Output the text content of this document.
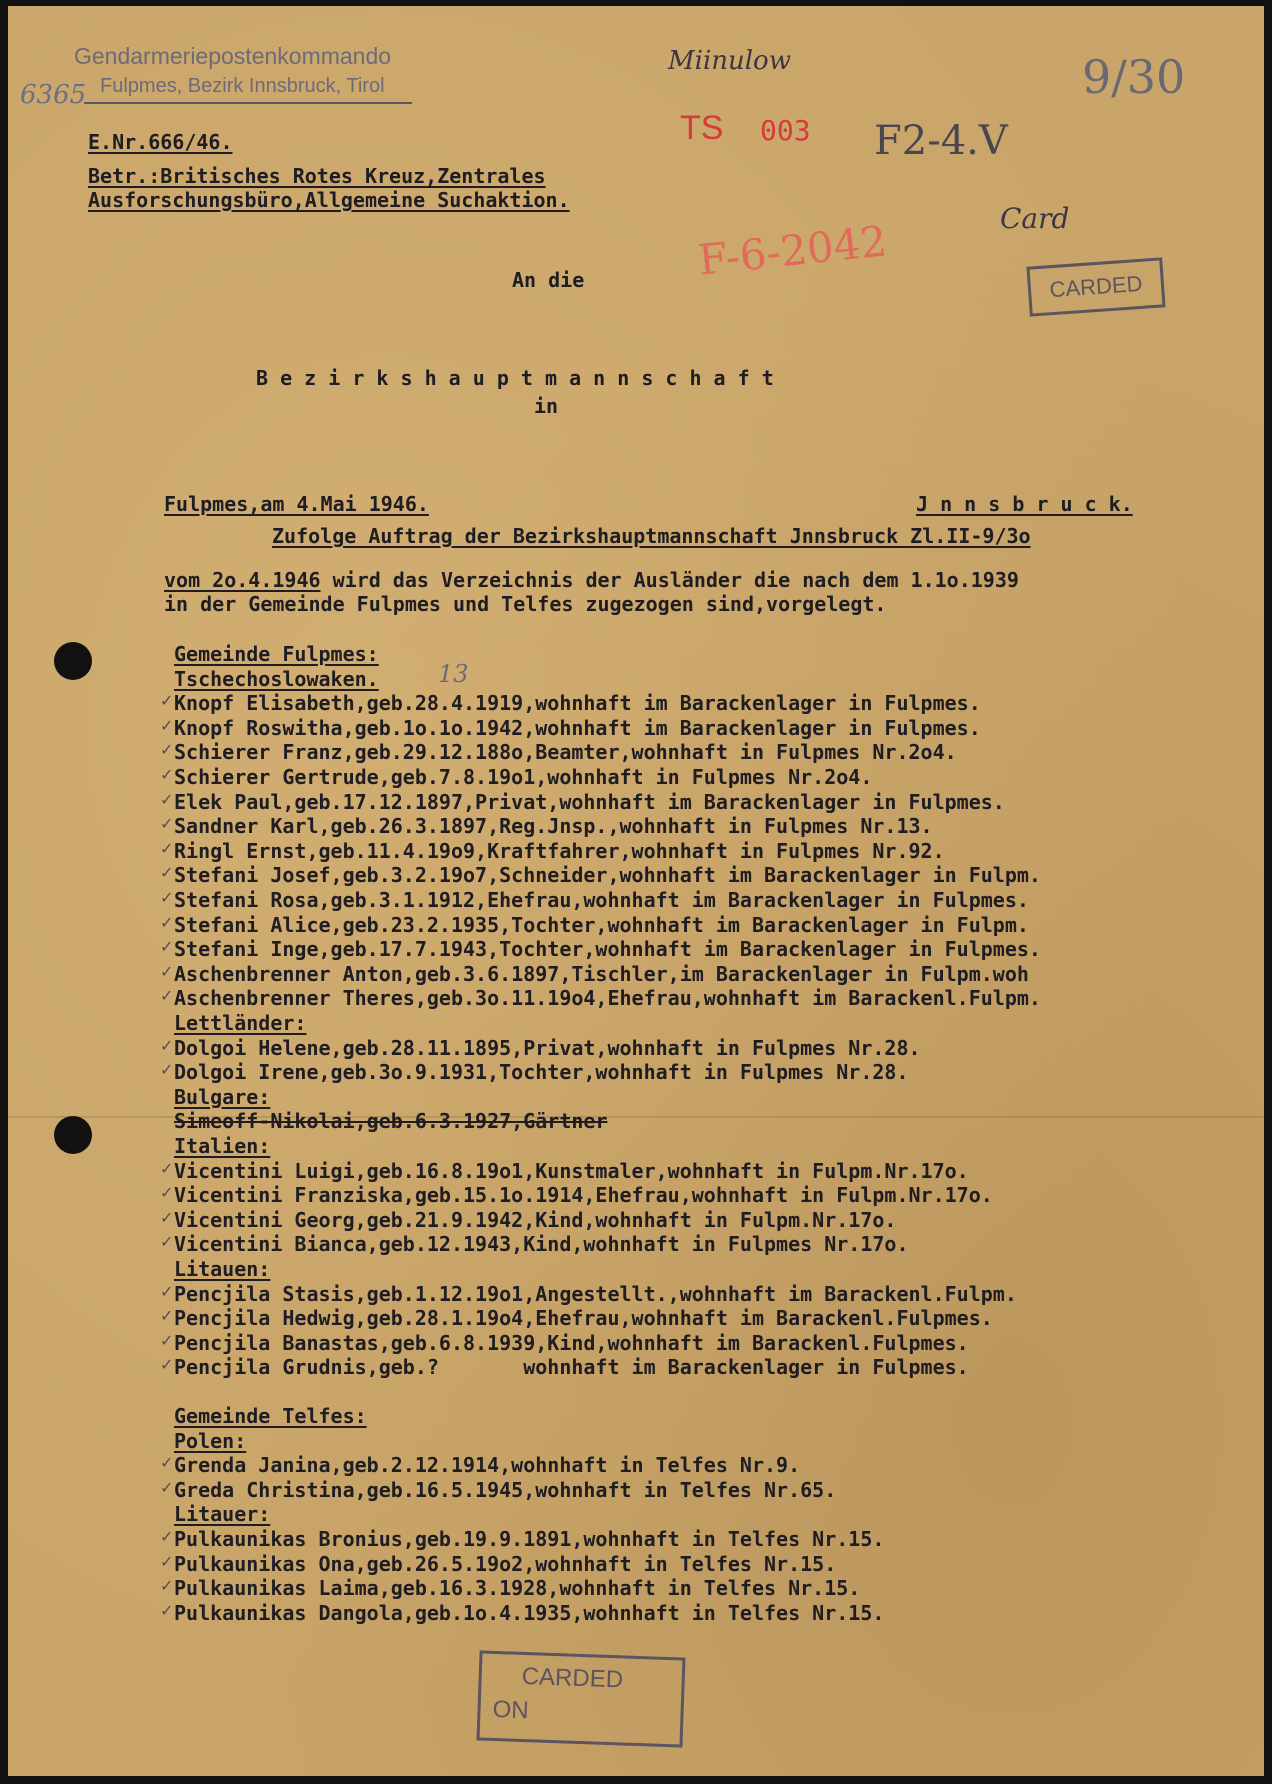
Gendarmeriepostenkommando
Fulpmes, Bezirk Innsbruck, Tirol
6365
E.Nr.666/46.
Betr.:Britisches Rotes Kreuz,Zentrales
Ausforschungsbüro,Allgemeine Suchaktion.
Miinulow
TS 003 F2-4.V
9/30
F-6-2042	Card
CARDED
An die
B e z i r k s h a u p t m a n n s c h a f t
in
Fulpmes,am 4.Mai 1946.	J n n s b r u c k.
Zufolge Auftrag der Bezirkshauptmannschaft Jnnsbruck Zl.II-9/3o
vom 2o.4.1946 wird das Verzeichnis der Ausländer die nach dem 1.1o.1939
in der Gemeinde Fulpmes und Telfes zugezogen sind,vorgelegt.
Gemeinde Fulpmes:
Tschechoslowaken.
✓ Knopf Elisabeth,geb.28.4.1919,wohnhaft im Barackenlager in Fulpmes.
✓ Knopf Roswitha,geb.1o.1o.1942,wohnhaft im Barackenlager in Fulpmes.
✓ Schierer Franz,geb.29.12.188o,Beamter,wohnhaft in Fulpmes Nr.2o4.
✓ Schierer Gertrude,geb.7.8.19o1,wohnhaft in Fulpmes Nr.2o4.
✓ Elek Paul,geb.17.12.1897,Privat,wohnhaft im Barackenlager in Fulpmes.
✓ Sandner Karl,geb.26.3.1897,Reg.Jnsp.,wohnhaft in Fulpmes Nr.13.
✓ Ringl Ernst,geb.11.4.19o9,Kraftfahrer,wohnhaft in Fulpmes Nr.92.
✓ Stefani Josef,geb.3.2.19o7,Schneider,wohnhaft im Barackenlager in Fulpm.
✓ Stefani Rosa,geb.3.1.1912,Ehefrau,wohnhaft im Barackenlager in Fulpmes.
✓ Stefani Alice,geb.23.2.1935,Tochter,wohnhaft im Barackenlager in Fulpm.
✓ Stefani Inge,geb.17.7.1943,Tochter,wohnhaft im Barackenlager in Fulpmes.
✓ Aschenbrenner Anton,geb.3.6.1897,Tischler,im Barackenlager in Fulpm.woh
✓ Aschenbrenner Theres,geb.3o.11.19o4,Ehefrau,wohnhaft im Barackenl.Fulpm.
Lettländer:
✓ Dolgoi Helene,geb.28.11.1895,Privat,wohnhaft in Fulpmes Nr.28.
✓ Dolgoi Irene,geb.3o.9.1931,Tochter,wohnhaft in Fulpmes Nr.28.
Bulgare:
Simeoff-Nikolai,geb.6.3.1927,Gärtner
Italien:
✓ Vicentini Luigi,geb.16.8.19o1,Kunstmaler,wohnhaft in Fulpm.Nr.17o.
✓ Vicentini Franziska,geb.15.1o.1914,Ehefrau,wohnhaft in Fulpm.Nr.17o.
✓ Vicentini Georg,geb.21.9.1942,Kind,wohnhaft in Fulpm.Nr.17o.
✓ Vicentini Bianca,geb.12.1943,Kind,wohnhaft in Fulpmes Nr.17o.
Litauen:
✓ Pencjila Stasis,geb.1.12.19o1,Angestellt.,wohnhaft im Barackenl.Fulpm.
✓ Pencjila Hedwig,geb.28.1.19o4,Ehefrau,wohnhaft im Barackenl.Fulpmes.
✓ Pencjila Banastas,geb.6.8.1939,Kind,wohnhaft im Barackenl.Fulpmes.
✓ Pencjila Grudnis,geb.?       wohnhaft im Barackenlager in Fulpmes.
Gemeinde Telfes:
Polen:
✓ Grenda Janina,geb.2.12.1914,wohnhaft in Telfes Nr.9.
✓ Greda Christina,geb.16.5.1945,wohnhaft in Telfes Nr.65.
Litauer:
✓ Pulkaunikas Bronius,geb.19.9.1891,wohnhaft in Telfes Nr.15.
✓ Pulkaunikas Ona,geb.26.5.19o2,wohnhaft in Telfes Nr.15.
✓ Pulkaunikas Laima,geb.16.3.1928,wohnhaft in Telfes Nr.15.
✓ Pulkaunikas Dangola,geb.1o.4.1935,wohnhaft in Telfes Nr.15.
13
CARDED
ON
